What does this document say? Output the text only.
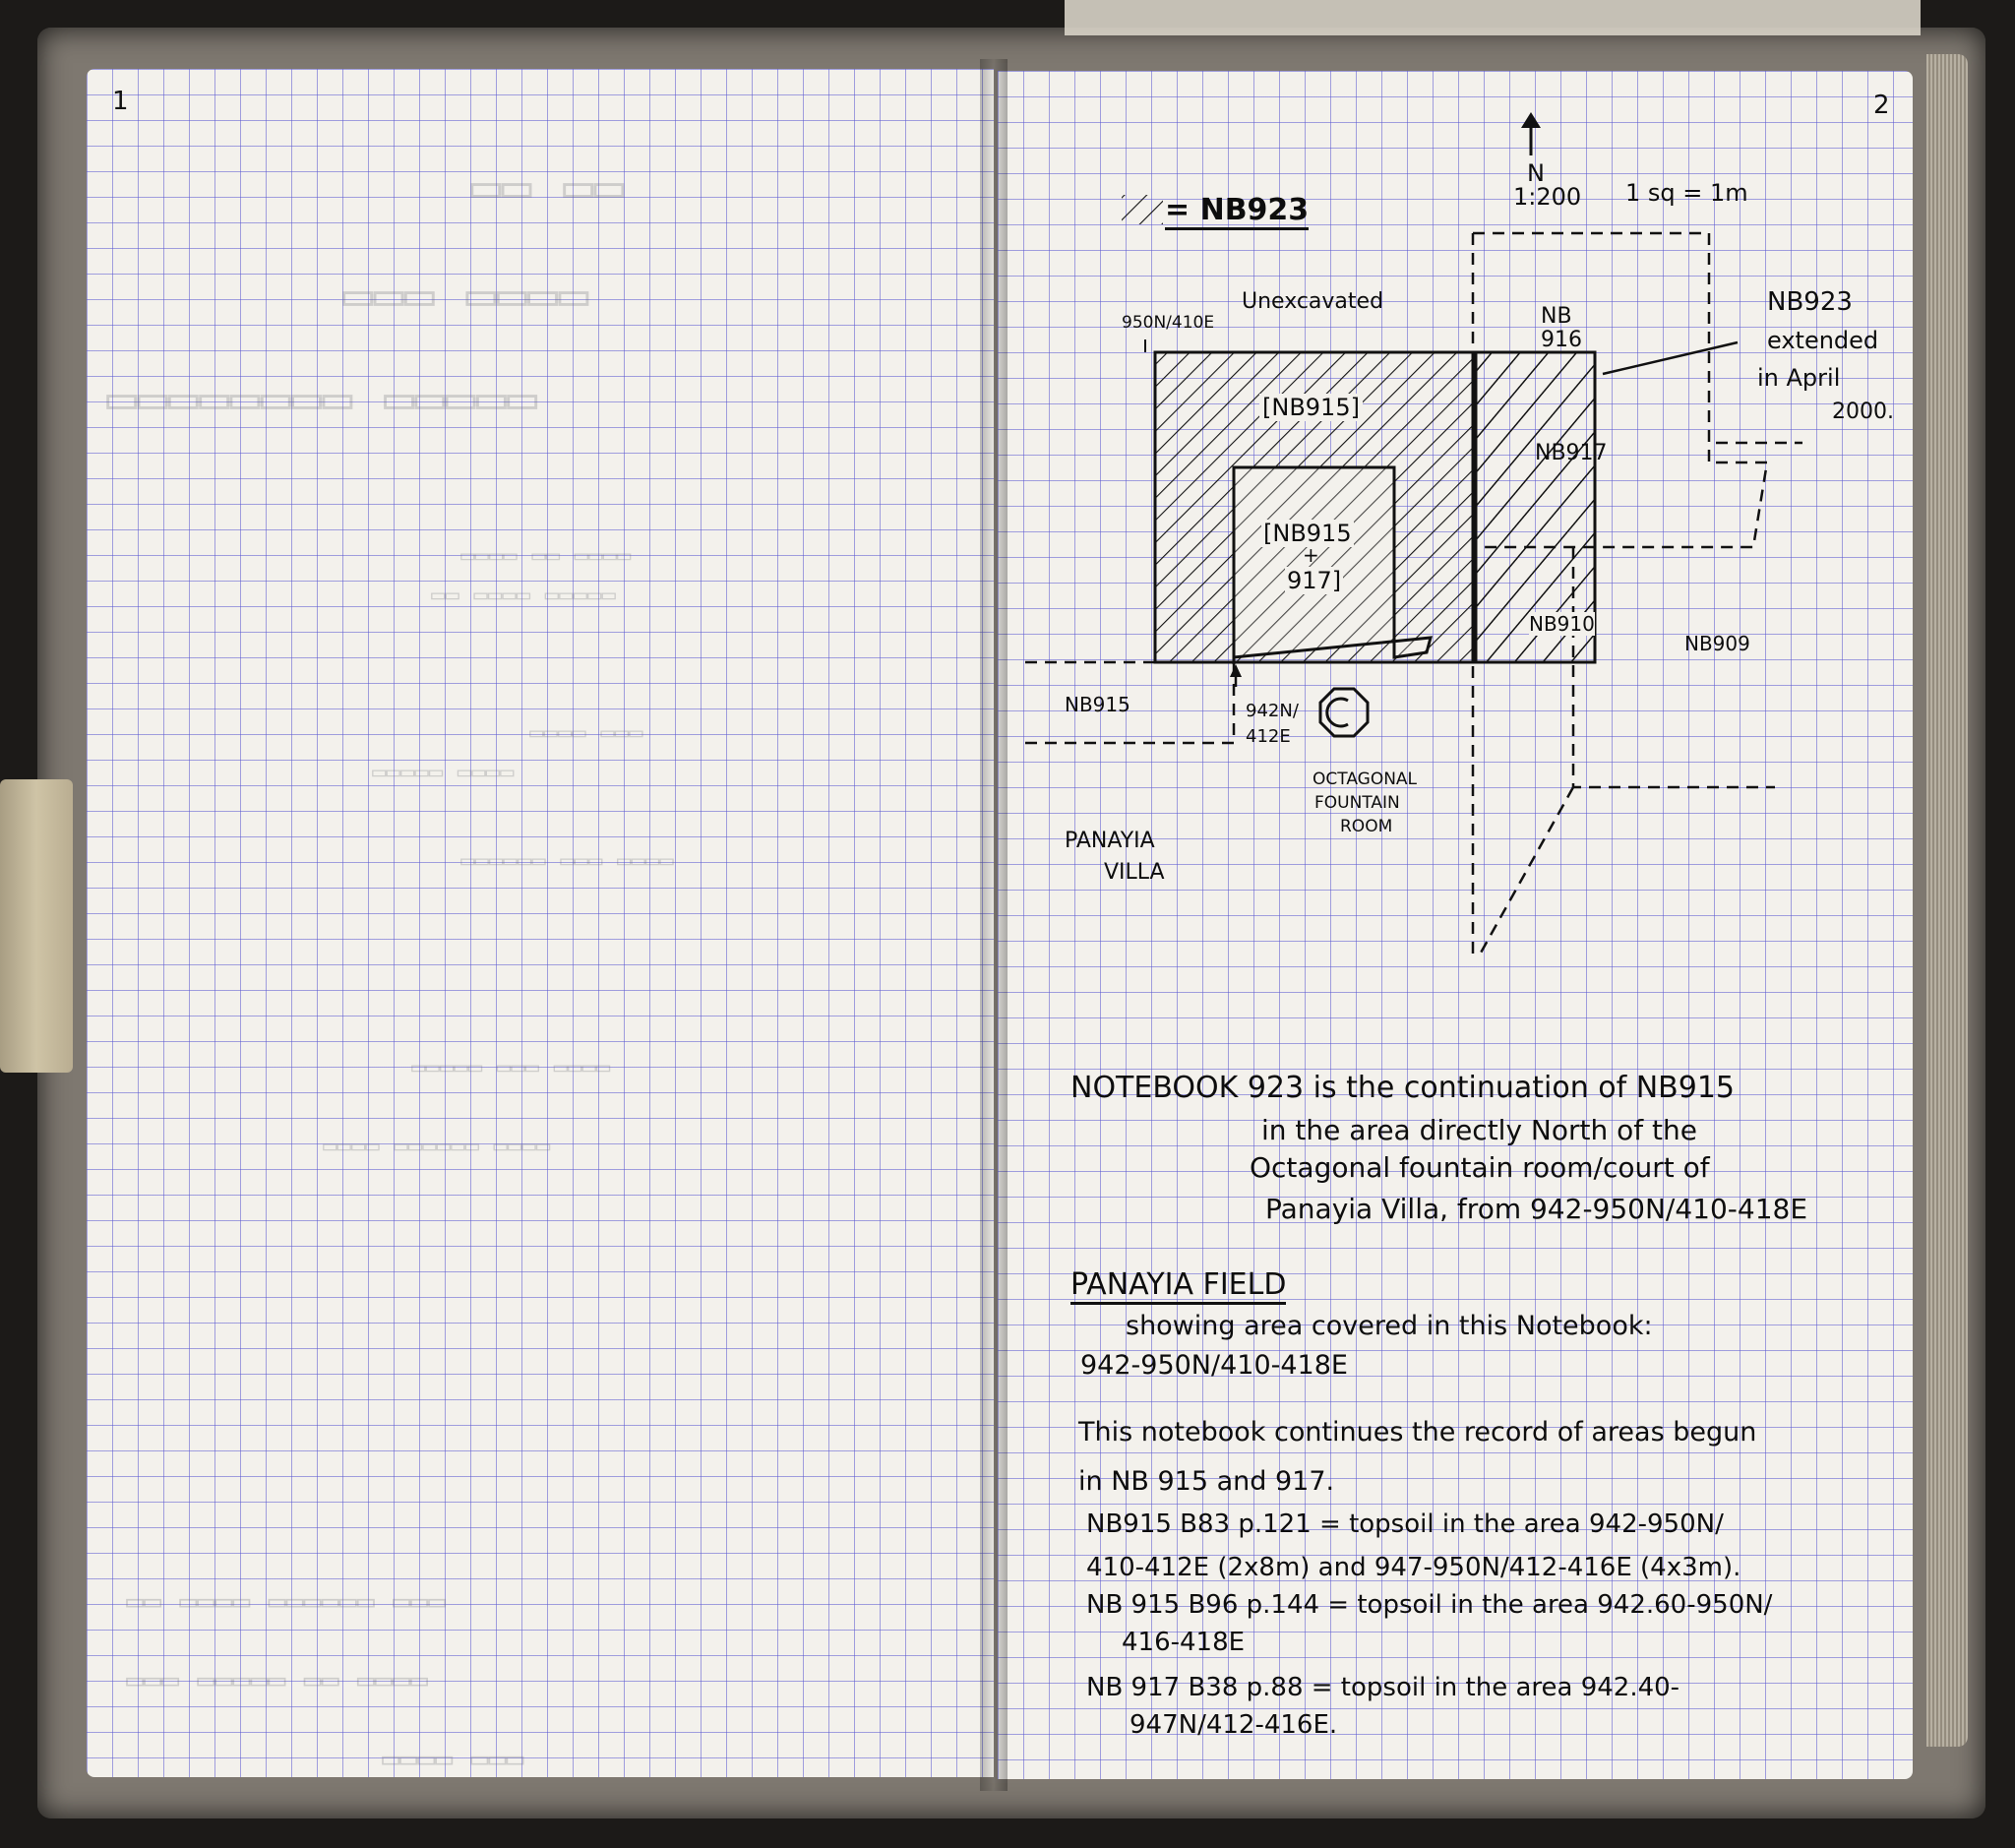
1
▭▭ ▭▭
▭▭▭▭ ▭▭▭
▭▭▭▭▭ ▭▭▭▭▭▭▭▭
▭▭▭▭ ▭▭ ▭▭▭▭
▭▭▭▭▭ ▭▭▭▭ ▭▭
▭▭▭ ▭▭▭▭
▭▭▭▭ ▭▭▭▭▭
▭▭▭▭ ▭▭▭ ▭▭▭▭▭▭
▭▭▭▭ ▭▭▭ ▭▭▭▭▭
▭▭▭▭ ▭▭▭▭▭▭ ▭▭▭▭
▭▭▭ ▭▭▭▭▭▭ ▭▭▭▭ ▭▭
▭▭▭▭ ▭▭ ▭▭▭▭▭ ▭▭▭
▭▭▭ ▭▭▭▭
2
N
= NB923	1:200 1 sq = 1m
Unexcavated
950N/410E	NB 916
NB923
extended
in April
2000.
[NB915]
NB917
[NB915
+
917]
NB910
NB909
NB915	942N/
412E
OCTAGONAL
FOUNTAIN
ROOM
PANAYIA
VILLA
NOTEBOOK 923 is the continuation of NB915
in the area directly North of the
Octagonal fountain room/court of
Panayia Villa, from 942-950N/410-418E
PANAYIA FIELD
showing area covered in this Notebook:
942-950N/410-418E
This notebook continues the record of areas begun
in NB 915 and 917.
NB915 B83 p.121 = topsoil in the area 942-950N/
410-412E (2x8m) and 947-950N/412-416E (4x3m).
NB 915 B96 p.144 = topsoil in the area 942.60-950N/
416-418E
NB 917 B38 p.88 = topsoil in the area 942.40-
947N/412-416E.
